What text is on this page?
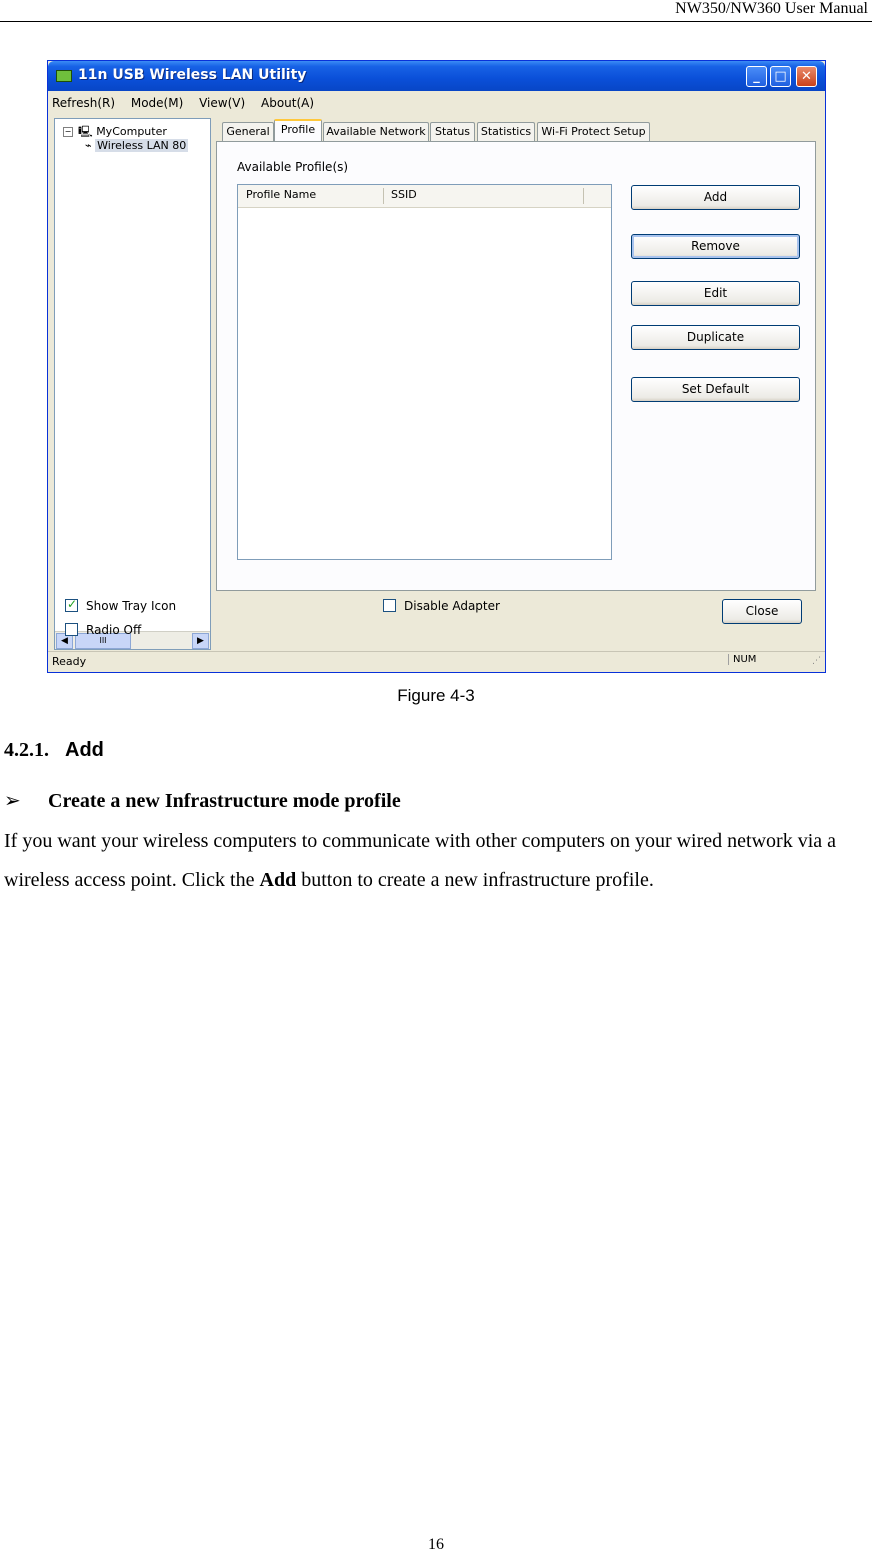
NW350/NW360 User Manual
11n USB Wireless LAN Utility	_	□	✕
Refresh(R) Mode(M) View(V) About(A)
− 🖳 MyComputer
⌁ Wireless LAN 80
◀	III	▶
General	Profile	Available Network Status Statistics Wi-Fi Protect Setup
Available Profile(s)
Profile Name	SSID	Add
Remove
Edit
Duplicate
Set Default
✓ Show Tray Icon
Radio Off
Disable Adapter	Close
Ready	NUM	⋰
Figure 4-3
4.2.1. Add
➢ Create a new Infrastructure mode profile
If you want your wireless computers to communicate with other computers on your wired network via a wireless access point. Click the Add button to create a new infrastructure profile.
16
